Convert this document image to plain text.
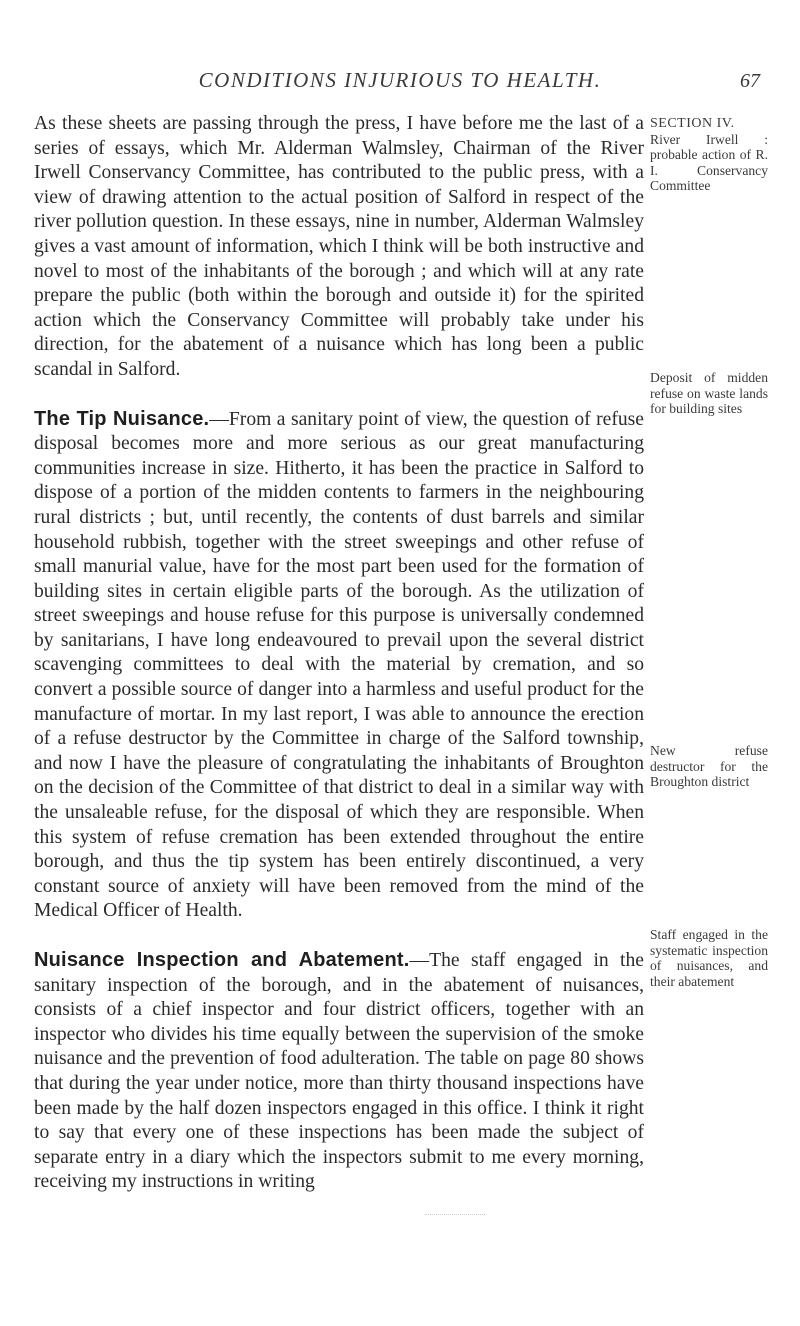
CONDITIONS INJURIOUS TO HEALTH.	67

As these sheets are passing through the press, I have before me the last of a series of essays, which Mr. Alderman Walmsley, Chairman of the River Irwell Conservancy Committee, has contributed to the public press, with a view of drawing attention to the actual position of Salford in respect of the river pollution question. In these essays, nine in number, Alderman Walmsley gives a vast amount of information, which I think will be both instructive and novel to most of the inhabitants of the borough ; and which will at any rate prepare the public (both within the borough and outside it) for the spirited action which the Conservancy Committee will probably take under his direction, for the abatement of a nuisance which has long been a public scandal in Salford.

The Tip Nuisance.—From a sanitary point of view, the question of refuse disposal becomes more and more serious as our great manufacturing communities increase in size. Hitherto, it has been the practice in Salford to dispose of a portion of the midden contents to farmers in the neighbouring rural districts ; but, until recently, the contents of dust barrels and similar household rubbish, together with the street sweepings and other refuse of small manurial value, have for the most part been used for the formation of building sites in certain eligible parts of the borough. As the utilization of street sweepings and house refuse for this purpose is universally condemned by sanitarians, I have long endeavoured to prevail upon the several district scavenging committees to deal with the material by cremation, and so convert a possible source of danger into a harmless and useful product for the manufacture of mortar. In my last report, I was able to announce the erection of a refuse destructor by the Committee in charge of the Salford township, and now I have the pleasure of congratulating the inhabitants of Broughton on the decision of the Committee of that district to deal in a similar way with the unsaleable refuse, for the disposal of which they are responsible. When this system of refuse cremation has been extended throughout the entire borough, and thus the tip system has been entirely discontinued, a very constant source of anxiety will have been removed from the mind of the Medical Officer of Health.

Nuisance Inspection and Abatement.—The staff engaged in the sanitary inspection of the borough, and in the abatement of nuisances, consists of a chief inspector and four district officers, together with an inspector who divides his time equally between the supervision of the smoke nuisance and the prevention of food adulteration. The table on page 80 shows that during the year under notice, more than thirty thousand inspections have been made by the half dozen inspectors engaged in this office. I think it right to say that every one of these inspections has been made the subject of separate entry in a diary which the inspectors submit to me every morning, receiving my instructions in writing

SECTION IV.
River Irwell : probable action of R. I. Conservancy Committee
Deposit of midden refuse on waste lands for building sites
New refuse destructor for the Broughton district
Staff engaged in the systematic inspection of nuisances, and their abatement
